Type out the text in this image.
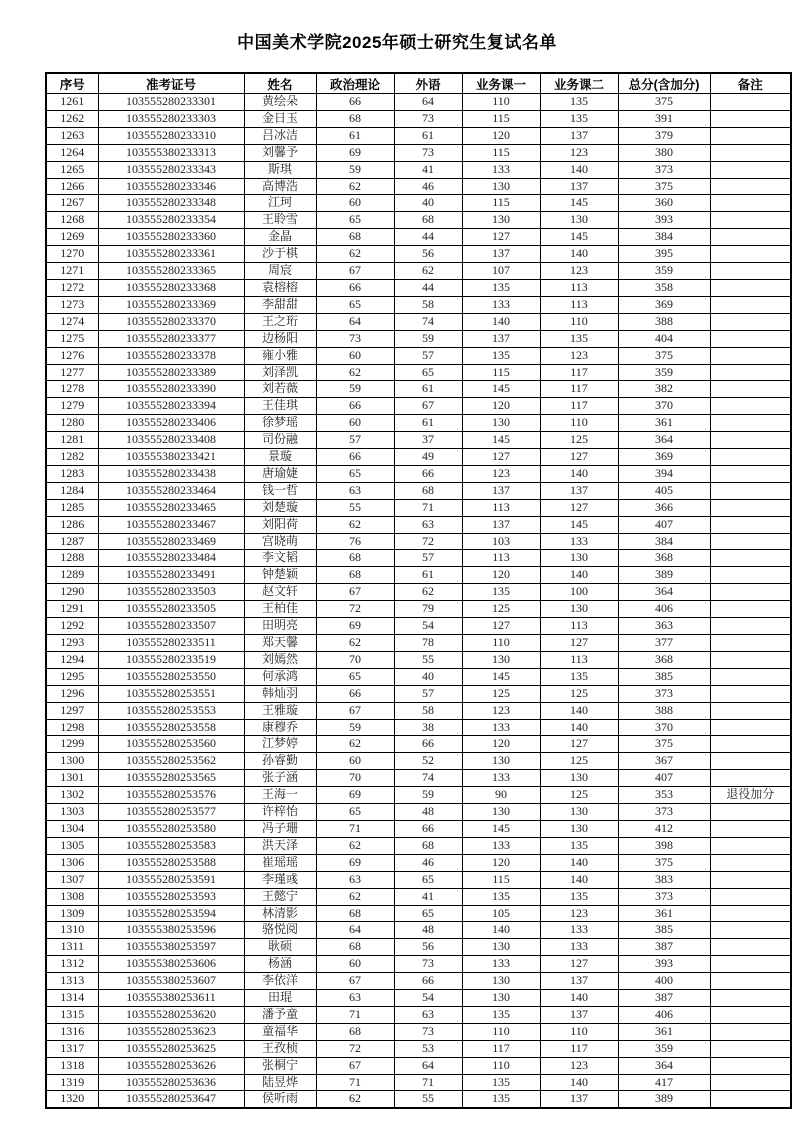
中国美术学院2025年硕士研究生复试名单
序号	准考证号	姓名	政治理论	外语	业务课一	业务课二	总分(含加分)	备注
1261	103555280233301	黄绘朵	66	64	110	135	375	
1262	103555280233303	金日玉	68	73	115	135	391	
1263	103555280233310	吕冰洁	61	61	120	137	379	
1264	103555380233313	刘馨予	69	73	115	123	380	
1265	103555280233343	斯琪	59	41	133	140	373	
1266	103555280233346	高博浩	62	46	130	137	375	
1267	103555280233348	江珂	60	40	115	145	360	
1268	103555280233354	王聆雪	65	68	130	130	393	
1269	103555280233360	金晶	68	44	127	145	384	
1270	103555280233361	沙于棋	62	56	137	140	395	
1271	103555280233365	周宸	67	62	107	123	359	
1272	103555280233368	袁榕榕	66	44	135	113	358	
1273	103555280233369	李甜甜	65	58	133	113	369	
1274	103555280233370	王之珩	64	74	140	110	388	
1275	103555280233377	边杨阳	73	59	137	135	404	
1276	103555280233378	雍小雅	60	57	135	123	375	
1277	103555280233389	刘泽凯	62	65	115	117	359	
1278	103555280233390	刘若薇	59	61	145	117	382	
1279	103555280233394	王佳琪	66	67	120	117	370	
1280	103555280233406	徐梦瑶	60	61	130	110	361	
1281	103555280233408	司份融	57	37	145	125	364	
1282	103555380233421	景璇	66	49	127	127	369	
1283	103555280233438	唐瑜婕	65	66	123	140	394	
1284	103555280233464	钱一哲	63	68	137	137	405	
1285	103555280233465	刘楚璇	55	71	113	127	366	
1286	103555280233467	刘阳荷	62	63	137	145	407	
1287	103555280233469	宫晓萌	76	72	103	133	384	
1288	103555280233484	李文韬	68	57	113	130	368	
1289	103555280233491	钟楚颖	68	61	120	140	389	
1290	103555280233503	赵文轩	67	62	135	100	364	
1291	103555280233505	王柏佳	72	79	125	130	406	
1292	103555280233507	田明亮	69	54	127	113	363	
1293	103555280233511	郑天馨	62	78	110	127	377	
1294	103555280233519	刘嫣然	70	55	130	113	368	
1295	103555280253550	何承鸿	65	40	145	135	385	
1296	103555280253551	韩灿羽	66	57	125	125	373	
1297	103555280253553	王雅璇	67	58	123	140	388	
1298	103555280253558	康穆乔	59	38	133	140	370	
1299	103555280253560	江梦婷	62	66	120	127	375	
1300	103555280253562	孙睿勤	60	52	130	125	367	
1301	103555280253565	张子涵	70	74	133	130	407	
1302	103555280253576	王海一	69	59	90	125	353	退役加分
1303	103555280253577	许梓怡	65	48	130	130	373	
1304	103555280253580	冯子珊	71	66	145	130	412	
1305	103555280253583	洪天泽	62	68	133	135	398	
1306	103555280253588	崔瑶瑶	69	46	120	140	375	
1307	103555280253591	李瑾彧	63	65	115	140	383	
1308	103555280253593	王懿宁	62	41	135	135	373	
1309	103555280253594	林清影	68	65	105	123	361	
1310	103555380253596	骆悦阅	64	48	140	133	385	
1311	103555380253597	耿硕	68	56	130	133	387	
1312	103555380253606	杨涵	60	73	133	127	393	
1313	103555380253607	李依洋	67	66	130	137	400	
1314	103555380253611	田琨	63	54	130	140	387	
1315	103555280253620	潘予童	71	63	135	137	406	
1316	103555280253623	童福华	68	73	110	110	361	
1317	103555280253625	王孜桢	72	53	117	117	359	
1318	103555280253626	张桐宁	67	64	110	123	364	
1319	103555280253636	陆昱烨	71	71	135	140	417	
1320	103555280253647	侯听雨	62	55	135	137	389	
